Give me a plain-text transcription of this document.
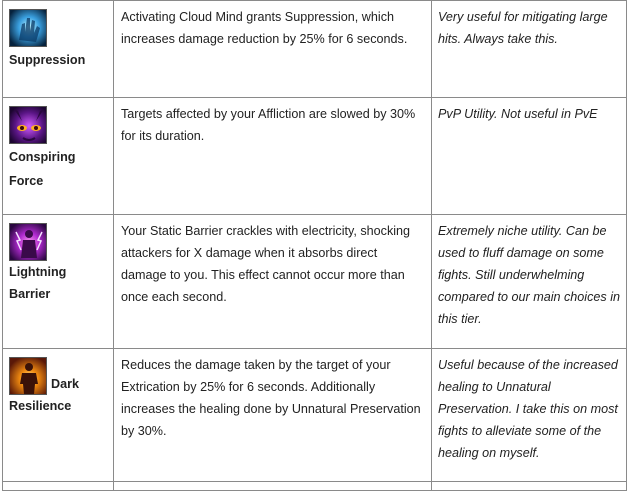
Suppression	Activating Cloud Mind grants Suppression, which increases damage reduction by 25% for 6 seconds.	Very useful for mitigating large hits. Always take this.

Conspiring
Force	Targets affected by your Affliction are slowed by 30% for its duration.	PvP Utility. Not useful in PvE

Lightning
Barrier	Your Static Barrier crackles with electricity, shocking attackers for X damage when it absorbs direct damage to you. This effect cannot occur more than once each second.	Extremely niche utility. Can be used to fluff damage on some fights. Still underwhelming compared to our main choices in this tier.

Dark
Resilience	Reduces the damage taken by the target of your Extrication by 25% for 6 seconds. Additionally increases the healing done by Unnatural Preservation by 30%.	Useful because of the increased healing to Unnatural Preservation. I take this on most fights to alleviate some of the healing on myself.
